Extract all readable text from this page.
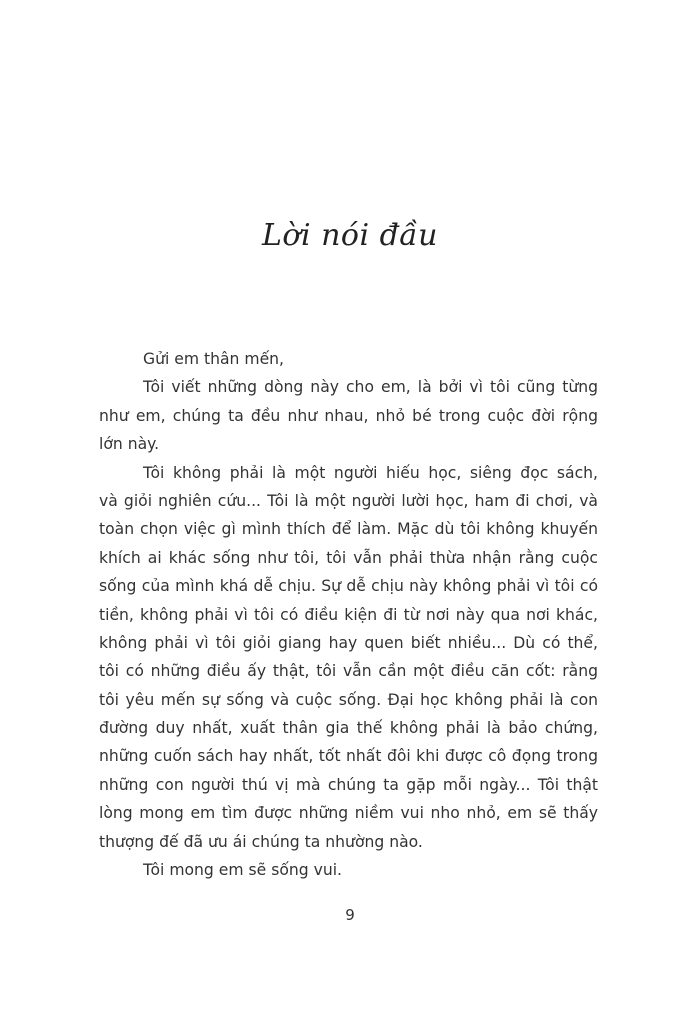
Lời nói đầu
Gửi em thân mến,
Tôi viết những dòng này cho em, là bởi vì tôi cũng từng
như em, chúng ta đều như nhau, nhỏ bé trong cuộc đời rộng
lớn này.
Tôi không phải là một người hiếu học, siêng đọc sách,
và giỏi nghiên cứu... Tôi là một người lười học, ham đi chơi, và
toàn chọn việc gì mình thích để làm. Mặc dù tôi không khuyến
khích ai khác sống như tôi, tôi vẫn phải thừa nhận rằng cuộc
sống của mình khá dễ chịu. Sự dễ chịu này không phải vì tôi có
tiền, không phải vì tôi có điều kiện đi từ nơi này qua nơi khác,
không phải vì tôi giỏi giang hay quen biết nhiều... Dù có thể,
tôi có những điều ấy thật, tôi vẫn cần một điều căn cốt: rằng
tôi yêu mến sự sống và cuộc sống. Đại học không phải là con
đường duy nhất, xuất thân gia thế không phải là bảo chứng,
những cuốn sách hay nhất, tốt nhất đôi khi được cô đọng trong
những con người thú vị mà chúng ta gặp mỗi ngày... Tôi thật
lòng mong em tìm được những niềm vui nho nhỏ, em sẽ thấy
thượng đế đã ưu ái chúng ta nhường nào.
Tôi mong em sẽ sống vui.
9
